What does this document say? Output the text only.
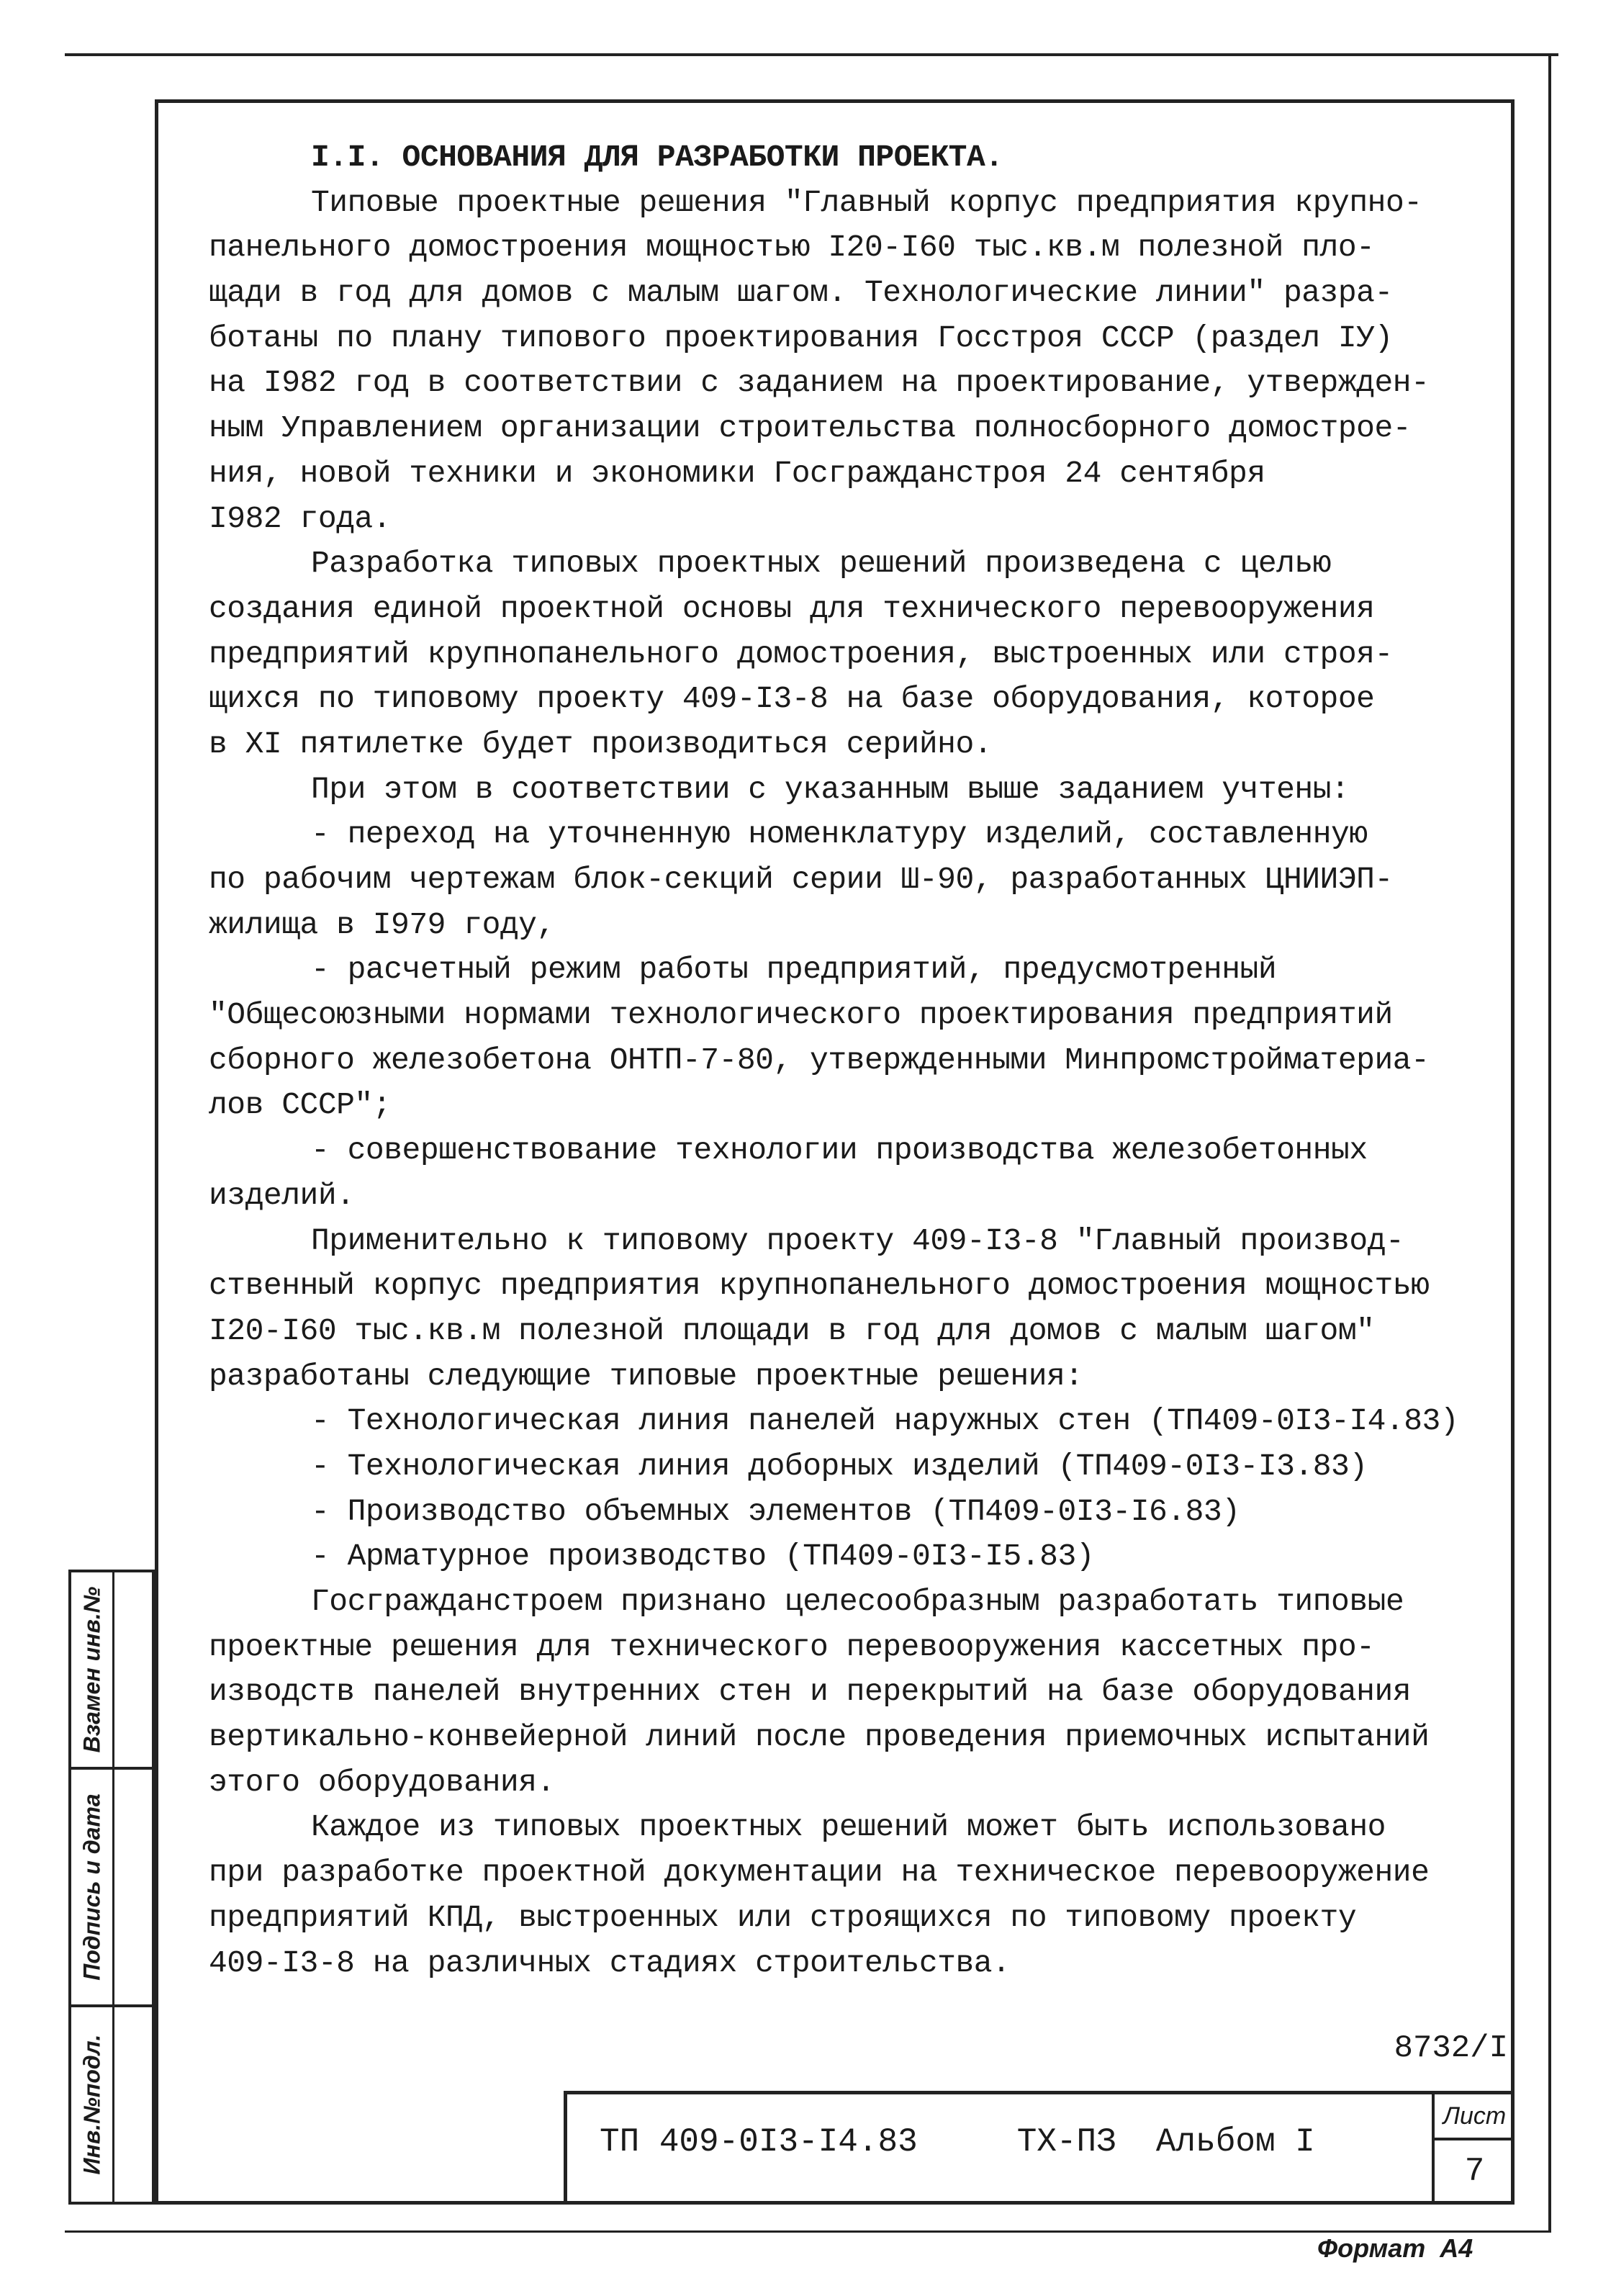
I.I. ОСНОВАНИЯ ДЛЯ РАЗРАБОТКИ ПРОЕКТА.
Типовые проектные решения "Главный корпус предприятия крупно-
панельного домостроения мощностью I20-I60 тыс.кв.м полезной пло-
щади в год для домов с малым шагом. Технологические линии" разра-
ботаны по плану типового проектирования Госстроя СССР (раздел IУ)
на I982 год в соответствии с заданием на проектирование, утвержден-
ным Управлением организации строительства полносборного домострое-
ния, новой техники и экономики Госгражданстроя 24 сентября
I982 года.
Разработка типовых проектных решений произведена с целью
создания единой проектной основы для технического перевооружения
предприятий крупнопанельного домостроения, выстроенных или строя-
щихся по типовому проекту 409-I3-8 на базе оборудования, которое
в XI пятилетке будет производиться серийно.
При этом в соответствии с указанным выше заданием учтены:
- переход на уточненную номенклатуру изделий, составленную
по рабочим чертежам блок-секций серии Ш-90, разработанных ЦНИИЭП-
жилища в I979 году,
- расчетный режим работы предприятий, предусмотренный
"Общесоюзными нормами технологического проектирования предприятий
сборного железобетона ОНТП-7-80, утвержденными Минпромстройматериа-
лов СССР";
- совершенствование технологии производства железобетонных
изделий.
Применительно к типовому проекту 409-I3-8 "Главный производ-
ственный корпус предприятия крупнопанельного домостроения мощностью
I20-I60 тыс.кв.м полезной площади в год для домов с малым шагом"
разработаны следующие типовые проектные решения:
- Технологическая линия панелей наружных стен (ТП409-0I3-I4.83)
- Технологическая линия доборных изделий (ТП409-0I3-I3.83)
- Производство объемных элементов (ТП409-0I3-I6.83)
- Арматурное производство (ТП409-0I3-I5.83)
Госгражданстроем признано целесообразным разработать типовые
проектные решения для технического перевооружения кассетных про-
изводств панелей внутренних стен и перекрытий на базе оборудования
вертикально-конвейерной линий после проведения приемочных испытаний
этого оборудования.
Каждое из типовых проектных решений может быть использовано
при разработке проектной документации на техническое перевооружение
предприятий КПД, выстроенных или строящихся по типовому проекту
409-I3-8 на различных стадиях строительства.
8732/I
ТП 409-0I3-I4.83     ТХ-ПЗ  Альбом I
Лист
7
Формат  А4
Взамен инв.№
Подпись и дата
Инв.№подл.
